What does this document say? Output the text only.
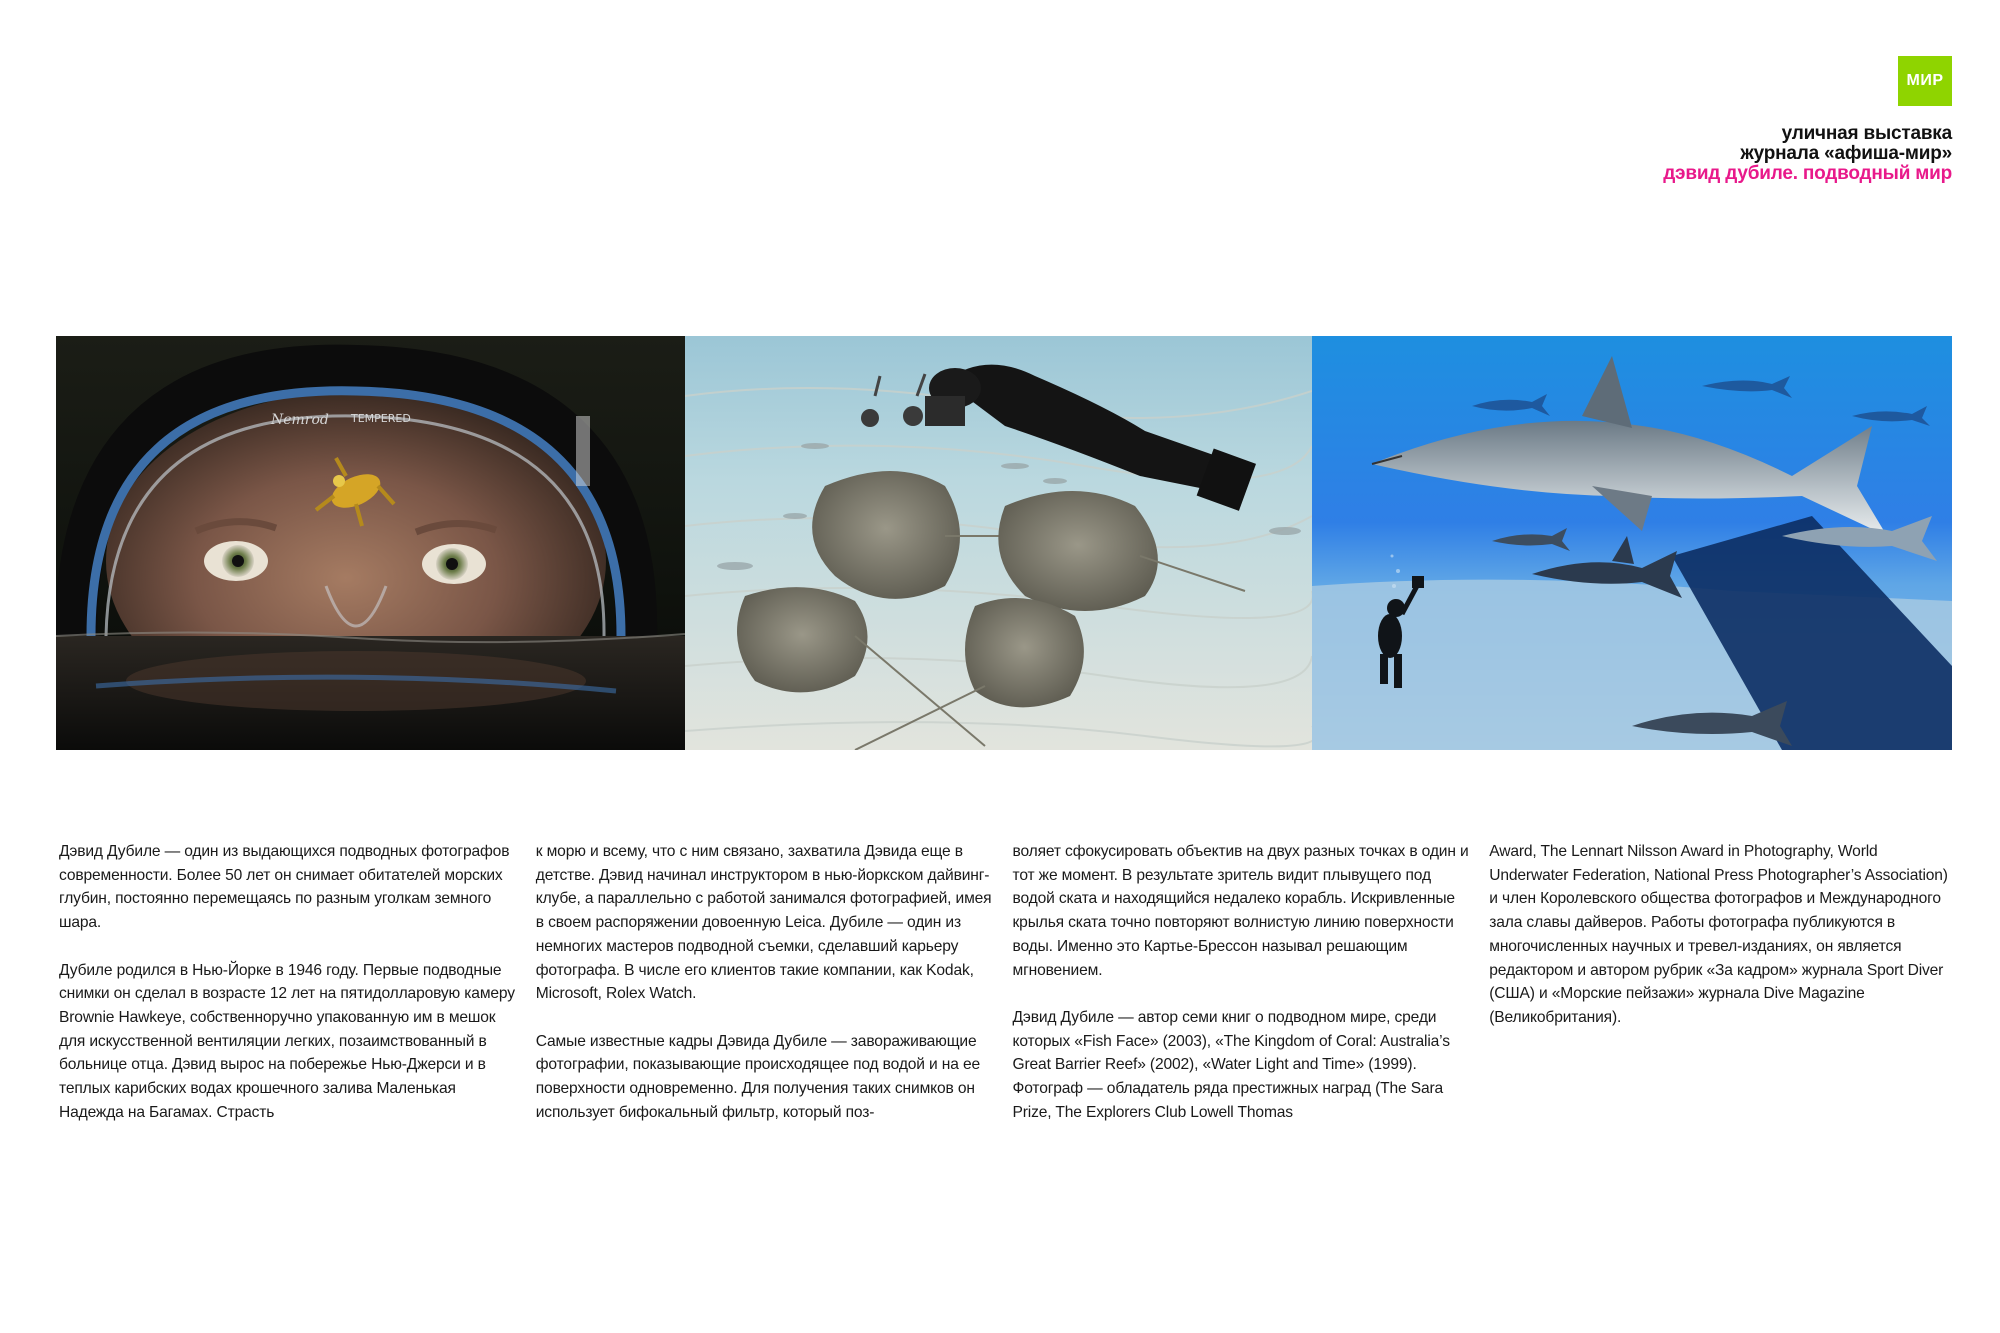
МИР
уличная выставка
журнала «афиша-мир»
дэвид дубиле. подводный мир
Nemrod TEMPERED

Дэвид Дубиле — один из выдающихся подводных фотографов современности. Более 50 лет он снимает обитателей морских глубин, постоянно перемещаясь по разным уголкам земного шара.

Дубиле родился в Нью-Йорке в 1946 году. Первые подводные снимки он сделал в возрасте 12 лет на пятидолларовую камеру Brownie Hawkeye, собственноручно упакованную им в мешок для искусственной вентиляции легких, позаимствованный в больнице отца. Дэвид вырос на побережье Нью-Джерси и в теплых карибских водах крошечного залива Маленькая Надежда на Багамах. Страсть

к морю и всему, что с ним связано, захватила Дэвида еще в детстве. Дэвид начинал инструктором в нью-йоркском дайвинг-клубе, а параллельно с работой занимался фотографией, имея в своем распоряжении довоенную Leica. Дубиле — один из немногих мастеров подводной съемки, сделавший карьеру фотографа. В числе его клиентов такие компании, как Kodak, Microsoft, Rolex Watch.

Самые известные кадры Дэвида Дубиле — завораживающие фотографии, показывающие происходящее под водой и на ее поверхности одновременно. Для получения таких снимков он использует бифокальный фильтр, который поз-

воляет сфокусировать объектив на двух разных точках в один и тот же момент. В результате зритель видит плывущего под водой ската и находящийся недалеко корабль. Искривленные крылья ската точно повторяют волнистую линию поверхности воды. Именно это Картье-Брессон называл решающим мгновением.

Дэвид Дубиле — автор семи книг о подводном мире, среди которых «Fish Face» (2003), «The Kingdom of Coral: Australia’s Great Barrier Reef» (2002), «Water Light and Time» (1999). Фотограф — обладатель ряда престижных наград (The Sara Prize, The Explorers Club Lowell Thomas

Award, The Lennart Nilsson Award in Photography, World Underwater Federation, National Press Photographer’s Association) и член Королевского общества фотографов и Международного зала славы дайверов. Работы фотографа публикуются в многочисленных научных и тревел-изданиях, он является редактором и автором рубрик «За кадром» журнала Sport Diver (США) и «Морские пейзажи» журнала Dive Magazine (Великобритания).
